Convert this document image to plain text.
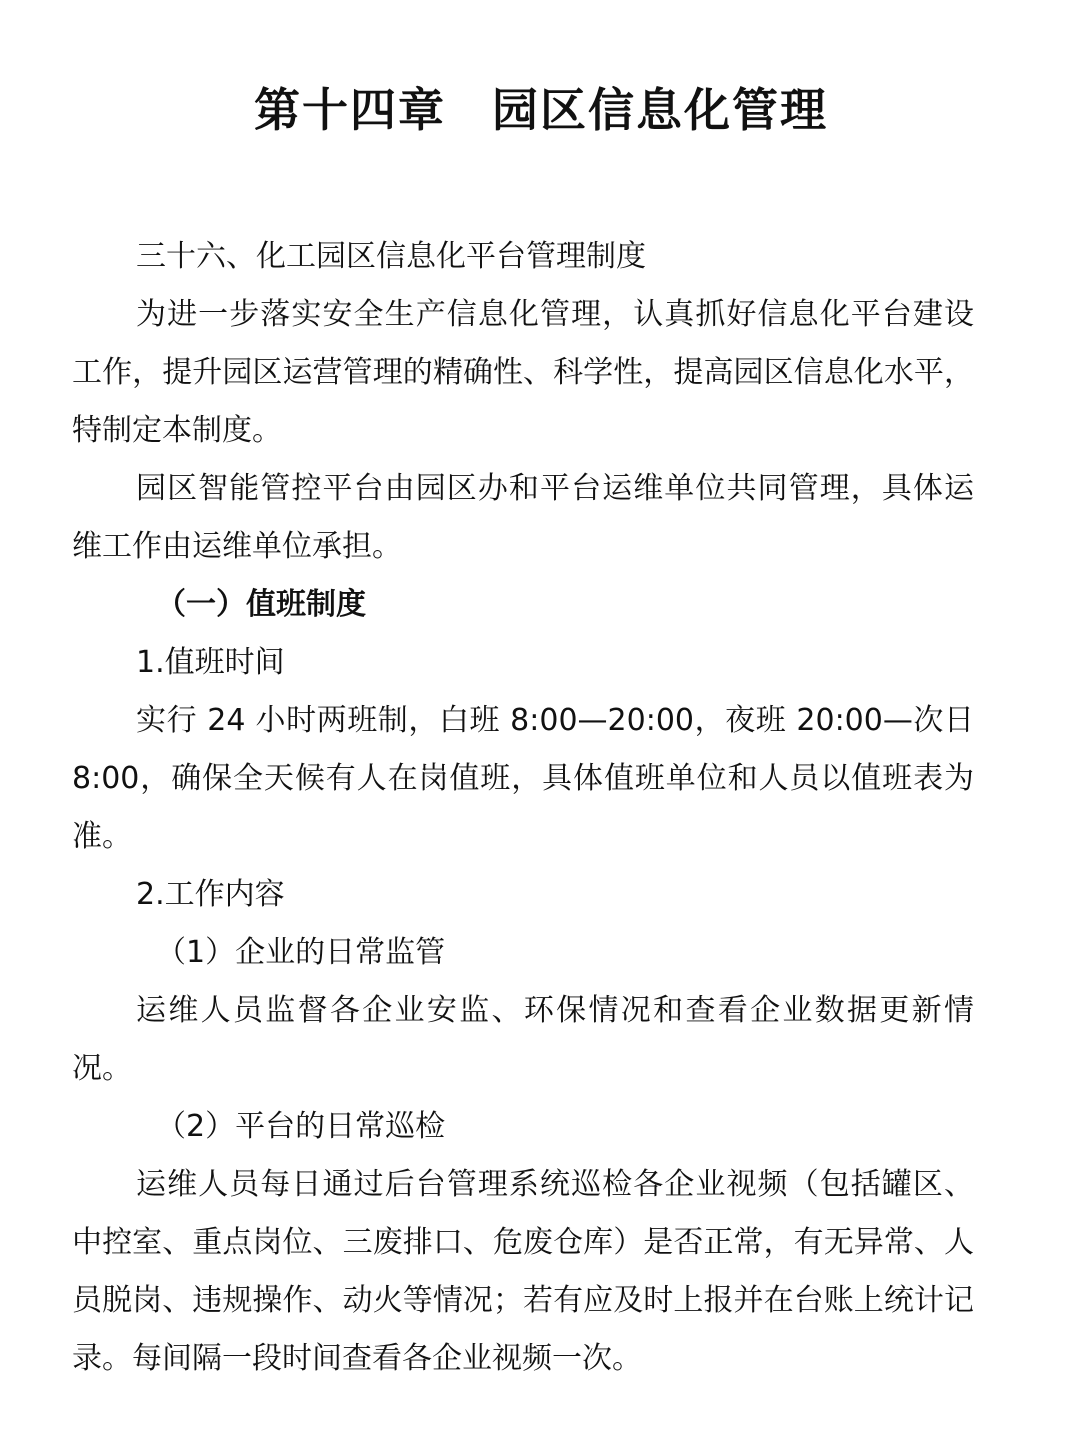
第十四章 园区信息化管理

三十六、化工园区信息化平台管理制度

为进一步落实安全生产信息化管理，认真抓好信息化平台建设工作，提升园区运营管理的精确性、科学性，提高园区信息化水平，特制定本制度。

园区智能管控平台由园区办和平台运维单位共同管理，具体运维工作由运维单位承担。

（一）值班制度

1.值班时间

实行 24 小时两班制，白班 8:00—20:00，夜班 20:00—次日 8:00，确保全天候有人在岗值班，具体值班单位和人员以值班表为准。

2.工作内容

（1）企业的日常监管

运维人员监督各企业安监、环保情况和查看企业数据更新情况。

（2）平台的日常巡检

运维人员每日通过后台管理系统巡检各企业视频（包括罐区、中控室、重点岗位、三废排口、危废仓库）是否正常，有无异常、人员脱岗、违规操作、动火等情况；若有应及时上报并在台账上统计记录。每间隔一段时间查看各企业视频一次。
